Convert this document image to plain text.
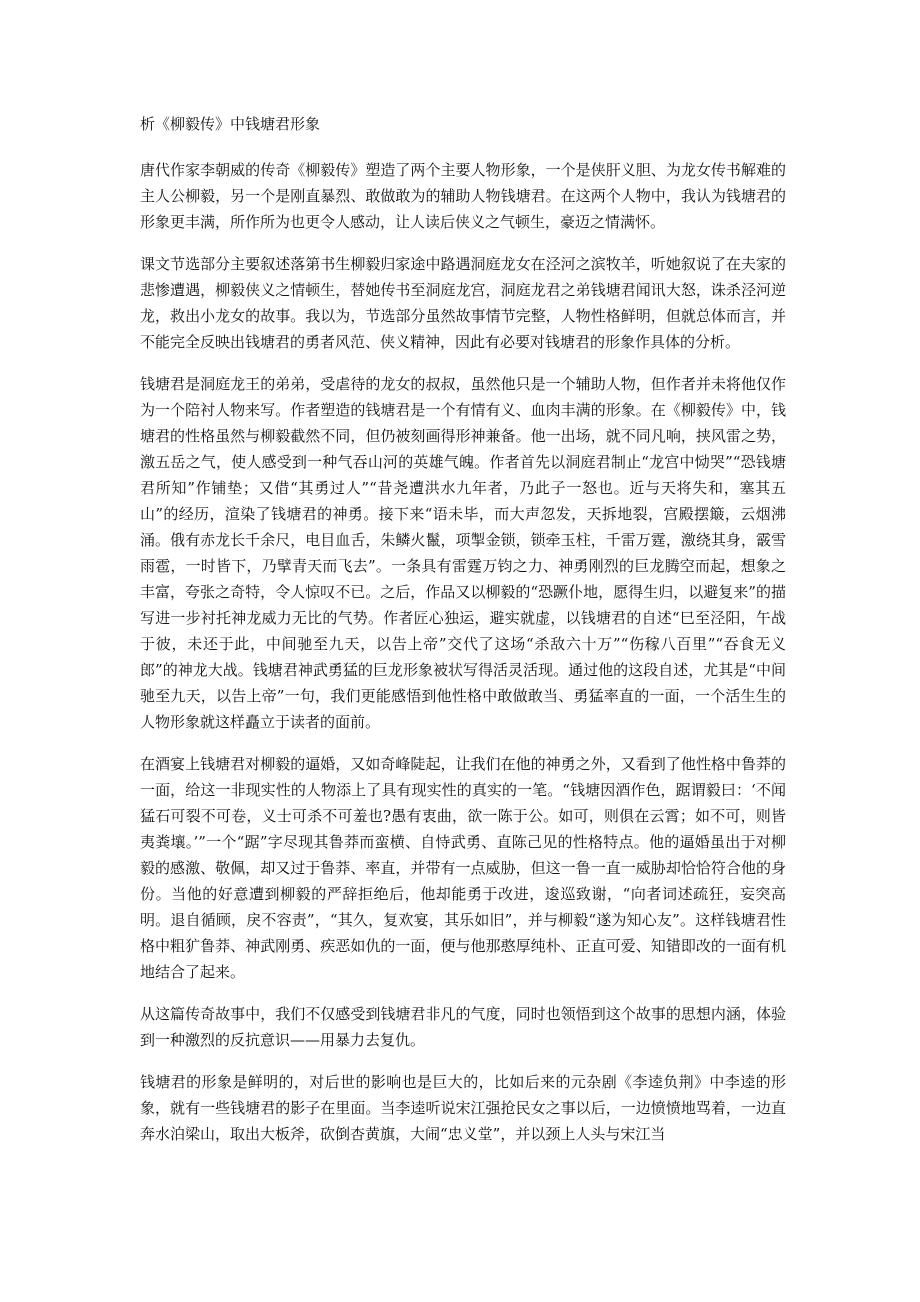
析《柳毅传》中钱塘君形象

唐代作家李朝威的传奇《柳毅传》塑造了两个主要人物形象，一个是侠肝义胆、为龙女传书解难的主人公柳毅，另一个是刚直暴烈、敢做敢为的辅助人物钱塘君。在这两个人物中，我认为钱塘君的形象更丰满，所作所为也更令人感动，让人读后侠义之气顿生，豪迈之情满怀。

课文节选部分主要叙述落第书生柳毅归家途中路遇洞庭龙女在泾河之滨牧羊，听她叙说了在夫家的悲惨遭遇，柳毅侠义之情顿生，替她传书至洞庭龙宫，洞庭龙君之弟钱塘君闻讯大怒，诛杀泾河逆龙，救出小龙女的故事。我以为，节选部分虽然故事情节完整，人物性格鲜明，但就总体而言，并不能完全反映出钱塘君的勇者风范、侠义精神，因此有必要对钱塘君的形象作具体的分析。

钱塘君是洞庭龙王的弟弟，受虐待的龙女的叔叔，虽然他只是一个辅助人物，但作者并未将他仅作为一个陪衬人物来写。作者塑造的钱塘君是一个有情有义、血肉丰满的形象。在《柳毅传》中，钱塘君的性格虽然与柳毅截然不同，但仍被刻画得形神兼备。他一出场，就不同凡响，挟风雷之势，激五岳之气，使人感受到一种气吞山河的英雄气魄。作者首先以洞庭君制止“龙宫中恸哭”“恐钱塘君所知”作铺垫；又借“其勇过人”“昔尧遭洪水九年者，乃此子一怒也。近与天将失和，塞其五山”的经历，渲染了钱塘君的神勇。接下来“语未毕，而大声忽发，天拆地裂，宫殿摆簸，云烟沸涌。俄有赤龙长千余尺，电目血舌，朱鳞火鬣，项掣金锁，锁牵玉柱，千雷万霆，激绕其身，霰雪雨雹，一时皆下，乃擘青天而飞去”。一条具有雷霆万钧之力、神勇刚烈的巨龙腾空而起，想象之丰富，夸张之奇特，令人惊叹不已。之后，作品又以柳毅的“恐蹶仆地，愿得生归，以避复来”的描写进一步衬托神龙威力无比的气势。作者匠心独运，避实就虚，以钱塘君的自述“巳至泾阳，午战于彼，未还于此，中间驰至九天，以告上帝”交代了这场“杀敌六十万”“伤稼八百里”“吞食无义郎”的神龙大战。钱塘君神武勇猛的巨龙形象被状写得活灵活现。通过他的这段自述，尤其是“中间驰至九天，以告上帝”一句，我们更能感悟到他性格中敢做敢当、勇猛率直的一面，一个活生生的人物形象就这样矗立于读者的面前。

在酒宴上钱塘君对柳毅的逼婚，又如奇峰陡起，让我们在他的神勇之外，又看到了他性格中鲁莽的一面，给这一非现实性的人物添上了具有现实性的真实的一笔。“钱塘因酒作色，踞谓毅曰：‘不闻猛石可裂不可卷，义士可杀不可羞也?愚有衷曲，欲一陈于公。如可，则俱在云霄；如不可，则皆夷粪壤。’”一个“踞”字尽现其鲁莽而蛮横、自恃武勇、直陈己见的性格特点。他的逼婚虽出于对柳毅的感激、敬佩，却又过于鲁莽、率直，并带有一点威胁，但这一鲁一直一威胁却恰恰符合他的身份。当他的好意遭到柳毅的严辞拒绝后，他却能勇于改进，逡巡致谢，“向者词述疏狂，妄突高明。退自循顾，戾不容责”，“其久，复欢宴，其乐如旧”，并与柳毅“遂为知心友”。这样钱塘君性格中粗犷鲁莽、神武刚勇、疾恶如仇的一面，便与他那憨厚纯朴、正直可爱、知错即改的一面有机地结合了起来。

从这篇传奇故事中，我们不仅感受到钱塘君非凡的气度，同时也领悟到这个故事的思想内涵，体验到一种激烈的反抗意识——用暴力去复仇。

钱塘君的形象是鲜明的，对后世的影响也是巨大的，比如后来的元杂剧《李逵负荆》中李逵的形象，就有一些钱塘君的影子在里面。当李逵听说宋江强抢民女之事以后，一边愤愤地骂着，一边直奔水泊梁山，取出大板斧，砍倒杏黄旗，大闹“忠义堂”，并以颈上人头与宋江当
